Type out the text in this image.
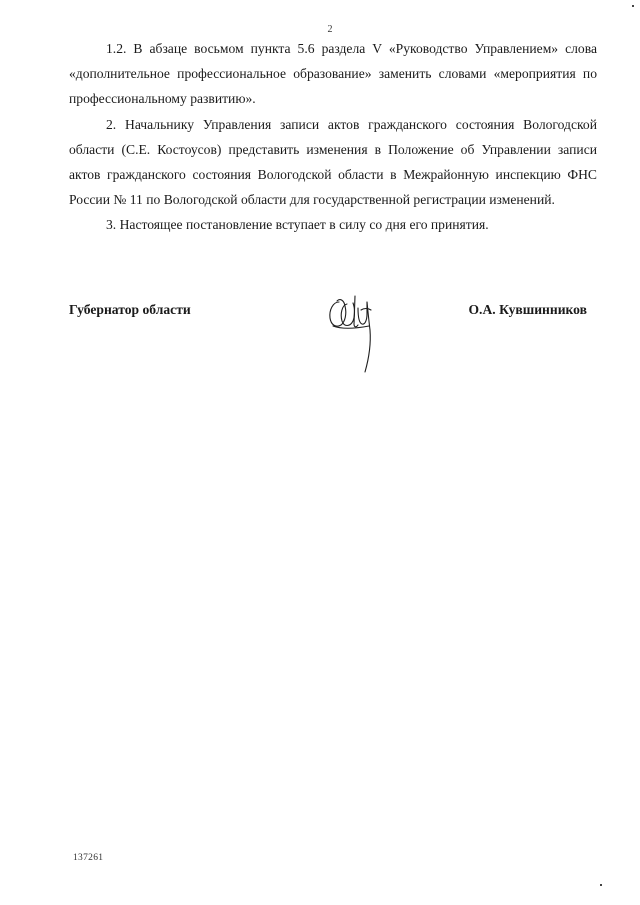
2

1.2. В абзаце восьмом пункта 5.6 раздела V «Руководство Управлением» слова «дополнительное профессиональное образование» заменить словами «мероприятия по профессиональному развитию».

2. Начальнику Управления записи актов гражданского состояния Вологодской области (С.Е. Костоусов) представить изменения в Положение об Управлении записи актов гражданского состояния Вологодской области в Межрайонную инспекцию ФНС России № 11 по Вологодской области для государственной регистрации изменений.

3. Настоящее постановление вступает в силу со дня его принятия.

Губернатор области	О.А. Кувшинников
137261
